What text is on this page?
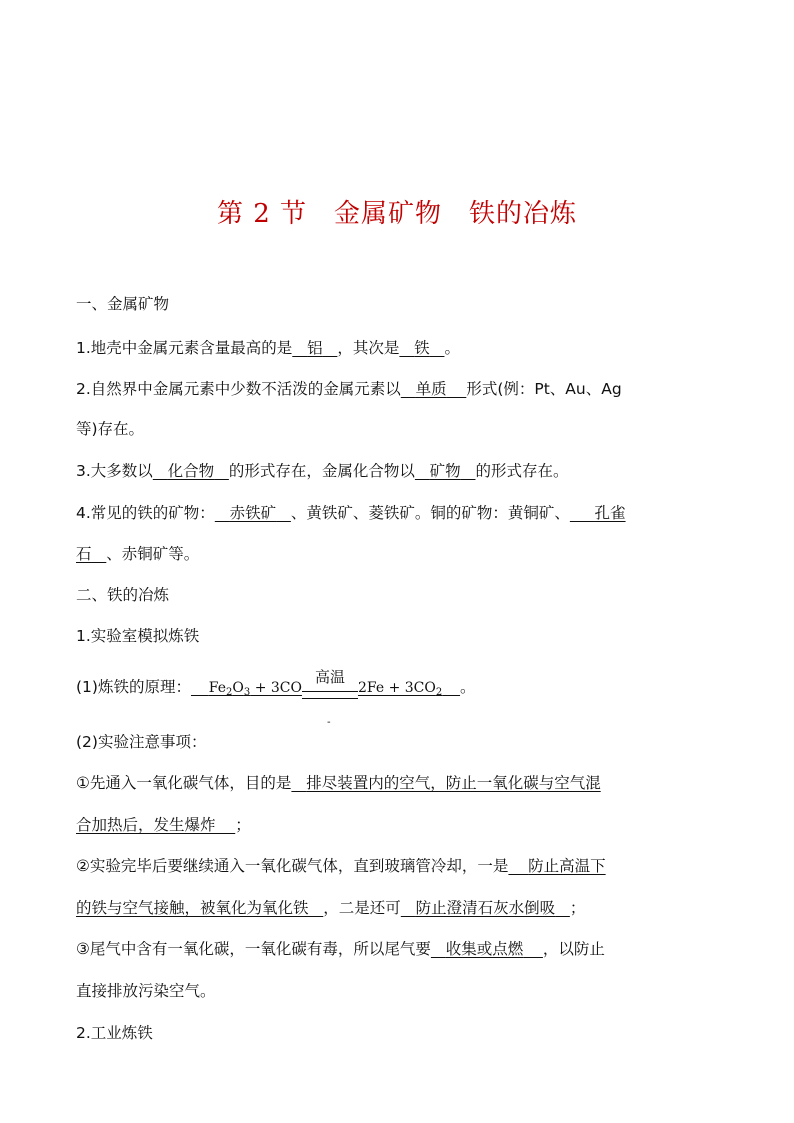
第 2 节　金属矿物　铁的冶炼
一、金属矿物
1.地壳中金属元素含量最高的是 铝 ，其次是 铁 。
2.自然界中金属元素中少数不活泼的金属元素以 单质 形式(例：Pt、Au、Ag
等)存在。
3.大多数以 化合物 的形式存在，金属化合物以 矿物 的形式存在。
4.常见的铁的矿物： 赤铁矿 、黄铁矿、菱铁矿。铜的矿物：黄铜矿、 孔雀
石 、赤铜矿等。
二、铁的冶炼
1.实验室模拟炼铁
(1)炼铁的原理： $Fe_2O_3 + 3CO$
高温
-
$2Fe + 3CO_2$ 。
(2)实验注意事项：
①先通入一氧化碳气体，目的是 排尽装置内的空气，防止一氧化碳与空气混
合加热后，发生爆炸 ；
②实验完毕后要继续通入一氧化碳气体，直到玻璃管冷却，一是 防止高温下
的铁与空气接触，被氧化为氧化铁 ，二是还可 防止澄清石灰水倒吸 ；
③尾气中含有一氧化碳，一氧化碳有毒，所以尾气要 收集或点燃 ，以防止
直接排放污染空气。
2.工业炼铁
